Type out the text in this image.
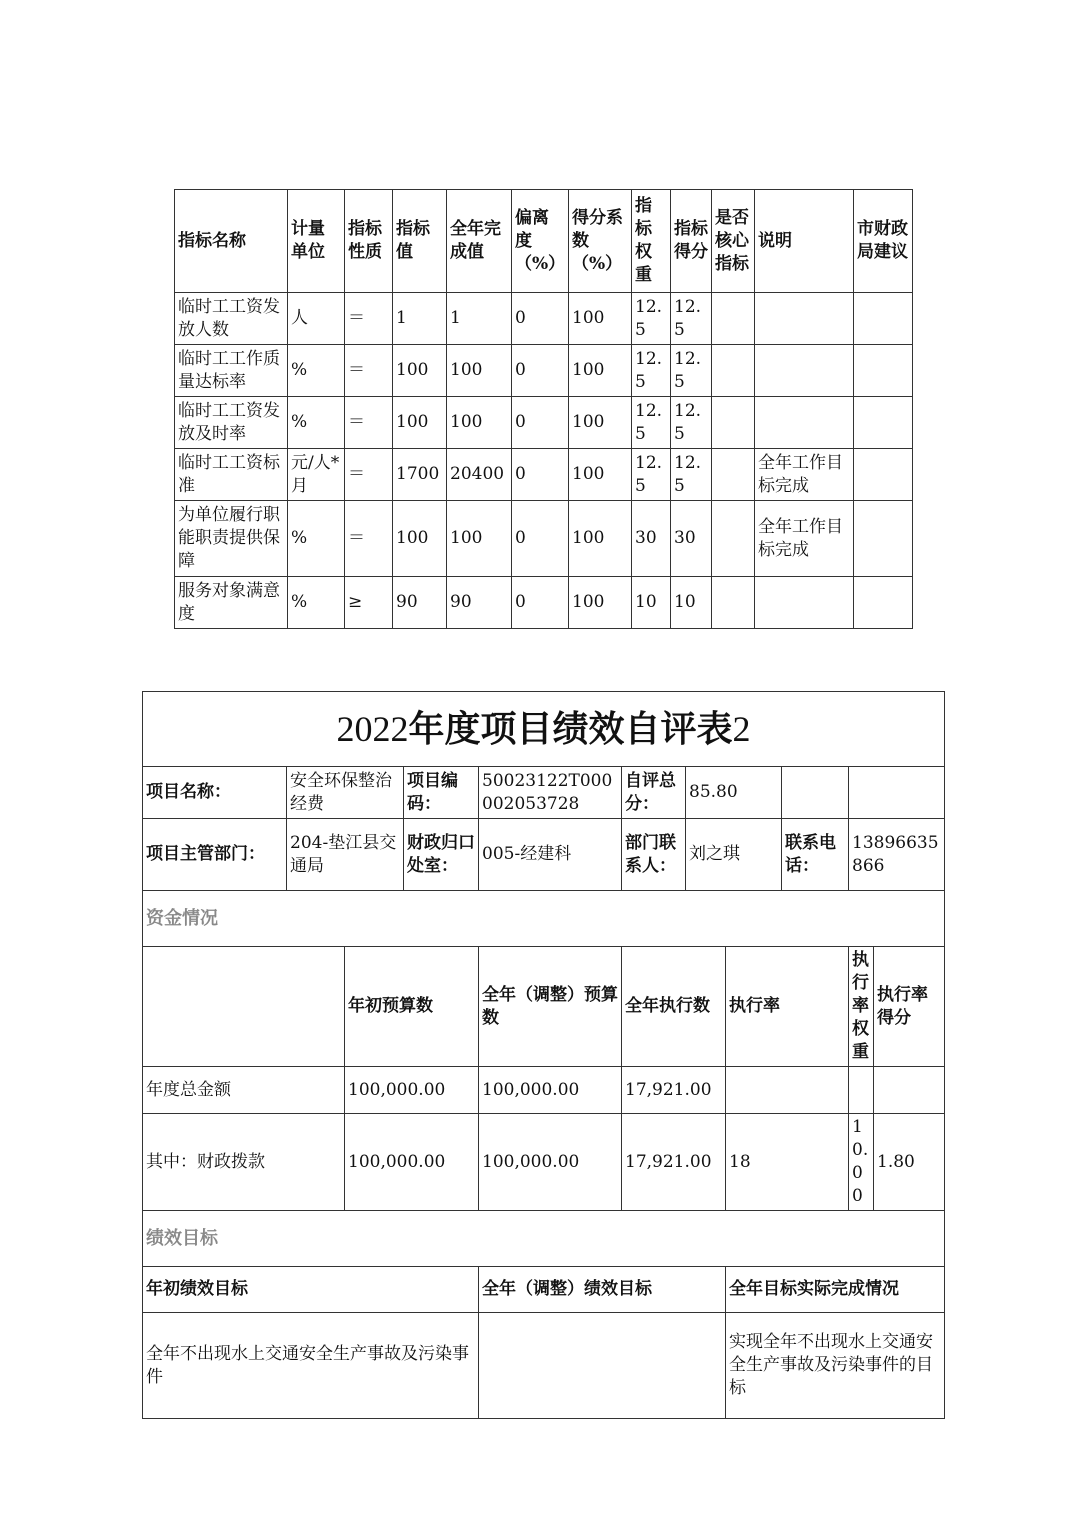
指标名称	计量单位	指标性质	指标值	全年完成值	偏离度（%）	得分系数（%）	指标权重	指标得分	是否核心指标	说明	市财政局建议
临时工工资发放人数	人	＝	1	1	0	100	12.5	12.5			
临时工工作质量达标率	%	＝	100	100	0	100	12.5	12.5			
临时工工资发放及时率	%	＝	100	100	0	100	12.5	12.5			
临时工工资标准	元/人*月	＝	1700	20400	0	100	12.5	12.5		全年工作目标完成	
为单位履行职能职责提供保障	%	＝	100	100	0	100	30	30		全年工作目标完成	
服务对象满意度	%	≥	90	90	0	100	10	10			
2022年度项目绩效自评表2										
项目名称：	安全环保整治经费		项目编码：	50023122T000002053728	自评总分：	85.80				
项目主管部门：	204-垫江县交通局		财政归口处室：	005-经建科	部门联系人：	刘之琪		联系电话：	13896635866	
资金情况										
		年初预算数		全年（调整）预算数	全年执行数		执行率		执行率权重	执行率得分
年度总金额		100,000.00		100,000.00	17,921.00					
其中：财政拨款		100,000.00		100,000.00	17,921.00		18		10.00	1.80
绩效目标										
年初绩效目标				全年（调整）绩效目标			全年目标实际完成情况			
全年不出现水上交通安全生产事故及污染事件							实现全年不出现水上交通安全生产事故及污染事件的目标			
